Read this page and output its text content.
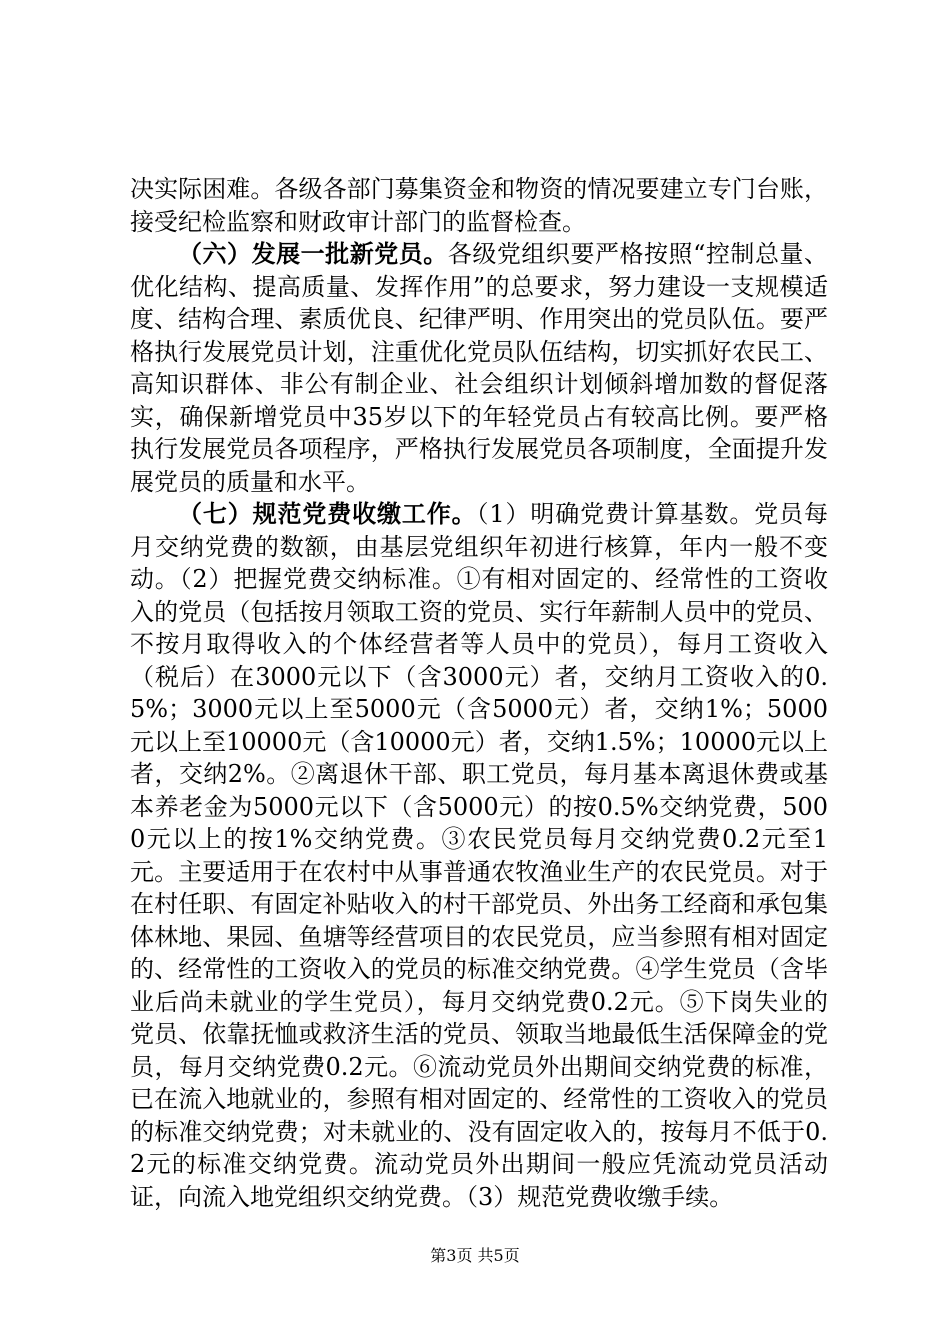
决实际困难。各级各部门募集资金和物资的情况要建立专门台账，接受纪检监察和财政审计部门的监督检查。

（六）发展一批新党员。各级党组织要严格按照“控制总量、优化结构、提高质量、发挥作用”的总要求，努力建设一支规模适度、结构合理、素质优良、纪律严明、作用突出的党员队伍。要严格执行发展党员计划，注重优化党员队伍结构，切实抓好农民工、高知识群体、非公有制企业、社会组织计划倾斜增加数的督促落实，确保新增党员中35岁以下的年轻党员占有较高比例。要严格执行发展党员各项程序，严格执行发展党员各项制度，全面提升发展党员的质量和水平。

（七）规范党费收缴工作。（1）明确党费计算基数。党员每月交纳党费的数额，由基层党组织年初进行核算，年内一般不变动。（2）把握党费交纳标准。①有相对固定的、经常性的工资收入的党员（包括按月领取工资的党员、实行年薪制人员中的党员、不按月取得收入的个体经营者等人员中的党员），每月工资收入（税后）在3000元以下（含3000元）者，交纳月工资收入的0.5%；3000元以上至5000元（含5000元）者，交纳1%；5000元以上至10000元（含10000元）者，交纳1.5%；10000元以上者，交纳2%。②离退休干部、职工党员，每月基本离退休费或基本养老金为5000元以下（含5000元）的按0.5%交纳党费，5000元以上的按1%交纳党费。③农民党员每月交纳党费0.2元至1元。主要适用于在农村中从事普通农牧渔业生产的农民党员。对于在村任职、有固定补贴收入的村干部党员、外出务工经商和承包集体林地、果园、鱼塘等经营项目的农民党员，应当参照有相对固定的、经常性的工资收入的党员的标准交纳党费。④学生党员（含毕业后尚未就业的学生党员），每月交纳党费0.2元。⑤下岗失业的党员、依靠抚恤或救济生活的党员、领取当地最低生活保障金的党员，每月交纳党费0.2元。⑥流动党员外出期间交纳党费的标准，已在流入地就业的，参照有相对固定的、经常性的工资收入的党员的标准交纳党费；对未就业的、没有固定收入的，按每月不低于0.2元的标准交纳党费。流动党员外出期间一般应凭流动党员活动证，向流入地党组织交纳党费。（3）规范党费收缴手续。

第3页 共5页
